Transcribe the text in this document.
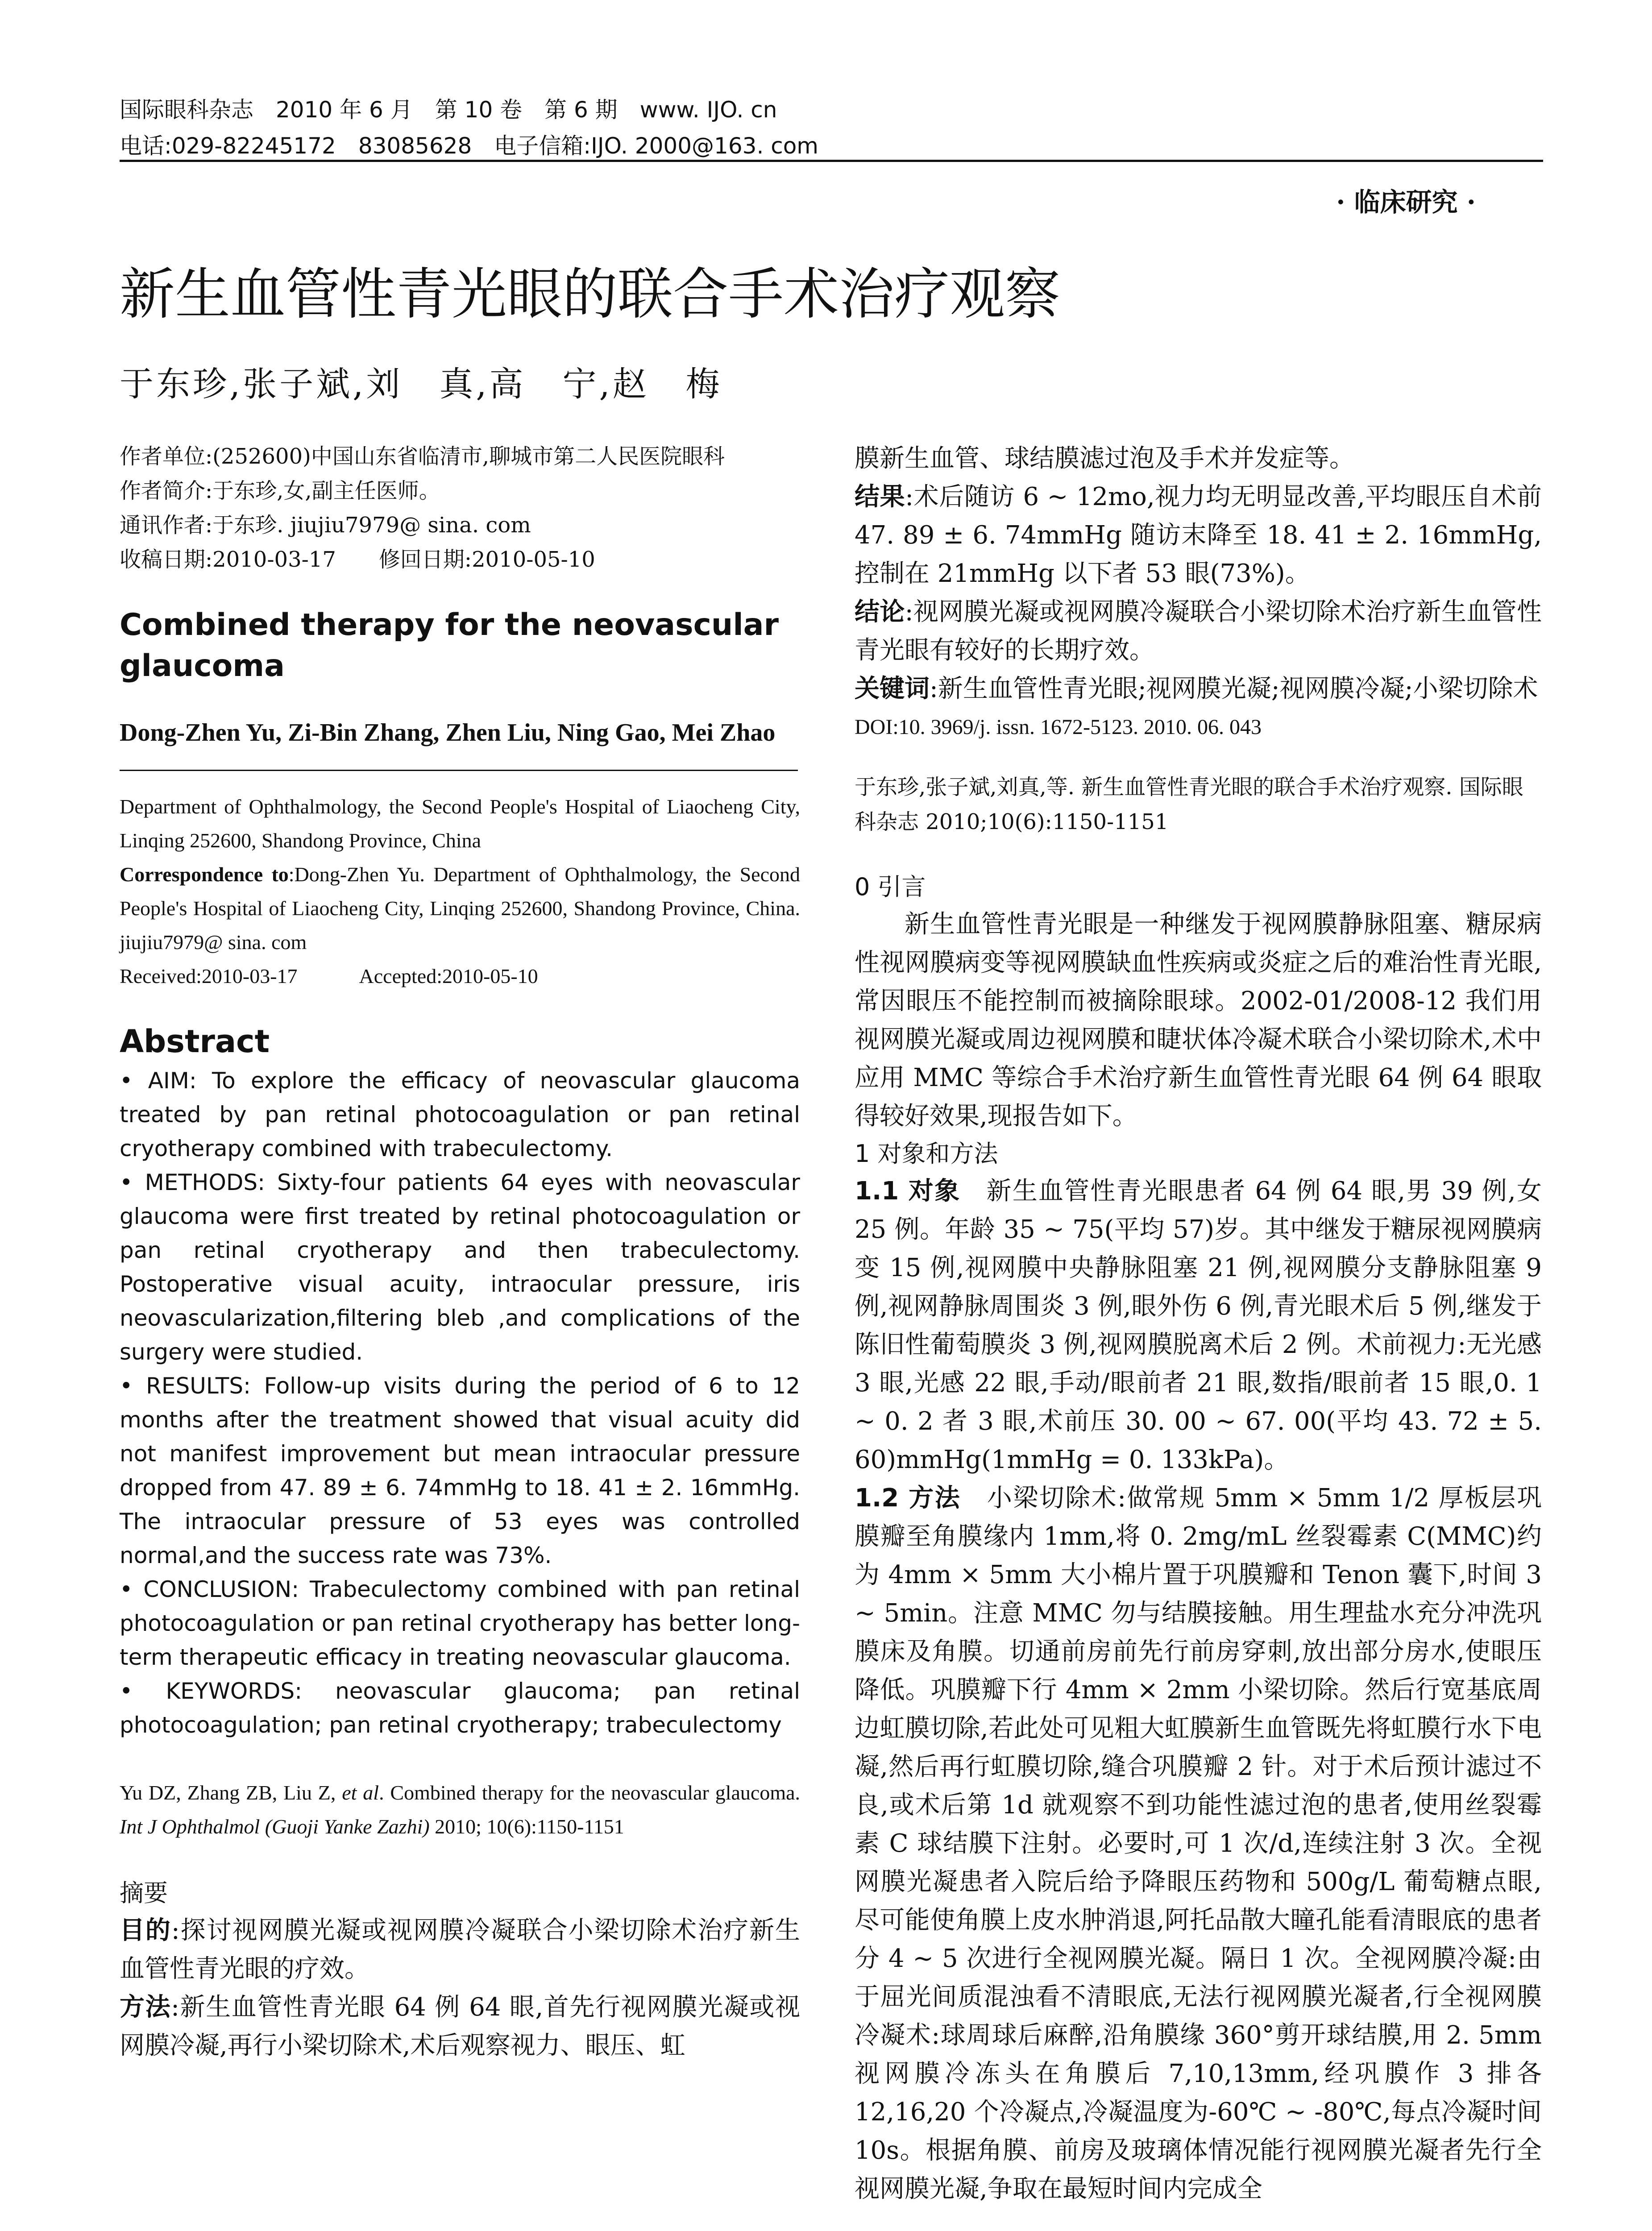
国际眼科杂志　2010 年 6 月　第 10 卷　第 6 期　www. IJO. cn
电话:029-82245172　83085628　电子信箱:IJO. 2000@163. com
· 临床研究 ·
新生血管性青光眼的联合手术治疗观察
于东珍,张子斌,刘　真,高　宁,赵　梅

作者单位:(252600)中国山东省临清市,聊城市第二人民医院眼科

作者简介:于东珍,女,副主任医师。

通讯作者:于东珍. jiujiu7979@ sina. com

收稿日期:2010-03-17　　修回日期:2010-05-10

Combined therapy for the neovascular glaucoma

Dong-Zhen Yu, Zi-Bin Zhang, Zhen Liu, Ning Gao, Mei Zhao

Department of Ophthalmology, the Second People's Hospital of Liaocheng City, Linqing 252600, Shandong Province, China

Correspondence to:Dong-Zhen Yu. Department of Ophthalmology, the Second People's Hospital of Liaocheng City, Linqing 252600, Shandong Province, China. jiujiu7979@ sina. com

Received:2010-03-17　　　Accepted:2010-05-10

Abstract

• AIM: To explore the efficacy of neovascular glaucoma treated by pan retinal photocoagulation or pan retinal cryotherapy combined with trabeculectomy.

• METHODS: Sixty-four patients 64 eyes with neovascular glaucoma were first treated by retinal photocoagulation or pan retinal cryotherapy and then trabeculectomy. Postoperative visual acuity, intraocular pressure, iris neovascularization,filtering bleb ,and complications of the surgery were studied.

• RESULTS: Follow-up visits during the period of 6 to 12 months after the treatment showed that visual acuity did not manifest improvement but mean intraocular pressure dropped from 47. 89 ± 6. 74mmHg to 18. 41 ± 2. 16mmHg. The intraocular pressure of 53 eyes was controlled normal,and the success rate was 73%.

• CONCLUSION: Trabeculectomy combined with pan retinal photocoagulation or pan retinal cryotherapy has better long-term therapeutic efficacy in treating neovascular glaucoma.

• KEYWORDS: neovascular glaucoma; pan retinal photocoagulation; pan retinal cryotherapy; trabeculectomy

Yu DZ, Zhang ZB, Liu Z, et al. Combined therapy for the neovascular glaucoma. Int J Ophthalmol (Guoji Yanke Zazhi) 2010; 10(6):1150-1151

摘要

目的:探讨视网膜光凝或视网膜冷凝联合小梁切除术治疗新生血管性青光眼的疗效。

方法:新生血管性青光眼 64 例 64 眼,首先行视网膜光凝或视网膜冷凝,再行小梁切除术,术后观察视力、眼压、虹

膜新生血管、球结膜滤过泡及手术并发症等。

结果:术后随访 6 ~ 12mo,视力均无明显改善,平均眼压自术前 47. 89 ± 6. 74mmHg 随访末降至 18. 41 ± 2. 16mmHg,控制在 21mmHg 以下者 53 眼(73%)。

结论:视网膜光凝或视网膜冷凝联合小梁切除术治疗新生血管性青光眼有较好的长期疗效。

关键词:新生血管性青光眼;视网膜光凝;视网膜冷凝;小梁切除术

DOI:10. 3969/j. issn. 1672-5123. 2010. 06. 043

于东珍,张子斌,刘真,等. 新生血管性青光眼的联合手术治疗观察. 国际眼科杂志 2010;10(6):1150-1151

0 引言

新生血管性青光眼是一种继发于视网膜静脉阻塞、糖尿病性视网膜病变等视网膜缺血性疾病或炎症之后的难治性青光眼,常因眼压不能控制而被摘除眼球。2002-01/2008-12 我们用视网膜光凝或周边视网膜和睫状体冷凝术联合小梁切除术,术中应用 MMC 等综合手术治疗新生血管性青光眼 64 例 64 眼取得较好效果,现报告如下。

1 对象和方法

1.1 对象　新生血管性青光眼患者 64 例 64 眼,男 39 例,女 25 例。年龄 35 ~ 75(平均 57)岁。其中继发于糖尿视网膜病变 15 例,视网膜中央静脉阻塞 21 例,视网膜分支静脉阻塞 9 例,视网静脉周围炎 3 例,眼外伤 6 例,青光眼术后 5 例,继发于陈旧性葡萄膜炎 3 例,视网膜脱离术后 2 例。术前视力:无光感 3 眼,光感 22 眼,手动/眼前者 21 眼,数指/眼前者 15 眼,0. 1 ~ 0. 2 者 3 眼,术前压 30. 00 ~ 67. 00(平均 43. 72 ± 5. 60)mmHg(1mmHg = 0. 133kPa)。

1.2 方法　小梁切除术:做常规 5mm × 5mm 1/2 厚板层巩膜瓣至角膜缘内 1mm,将 0. 2mg/mL 丝裂霉素 C(MMC)约为 4mm × 5mm 大小棉片置于巩膜瓣和 Tenon 囊下,时间 3 ~ 5min。注意 MMC 勿与结膜接触。用生理盐水充分冲洗巩膜床及角膜。切通前房前先行前房穿刺,放出部分房水,使眼压降低。巩膜瓣下行 4mm × 2mm 小梁切除。然后行宽基底周边虹膜切除,若此处可见粗大虹膜新生血管既先将虹膜行水下电凝,然后再行虹膜切除,缝合巩膜瓣 2 针。对于术后预计滤过不良,或术后第 1d 就观察不到功能性滤过泡的患者,使用丝裂霉素 C 球结膜下注射。必要时,可 1 次/d,连续注射 3 次。全视网膜光凝患者入院后给予降眼压药物和 500g/L 葡萄糖点眼,尽可能使角膜上皮水肿消退,阿托品散大瞳孔能看清眼底的患者分 4 ~ 5 次进行全视网膜光凝。隔日 1 次。全视网膜冷凝:由于屈光间质混浊看不清眼底,无法行视网膜光凝者,行全视网膜冷凝术:球周球后麻醉,沿角膜缘 360°剪开球结膜,用 2. 5mm 视网膜冷冻头在角膜后 7,10,13mm,经巩膜作 3 排各 12,16,20 个冷凝点,冷凝温度为-60℃ ~ -80℃,每点冷凝时间 10s。根据角膜、前房及玻璃体情况能行视网膜光凝者先行全视网膜光凝,争取在最短时间内完成全
